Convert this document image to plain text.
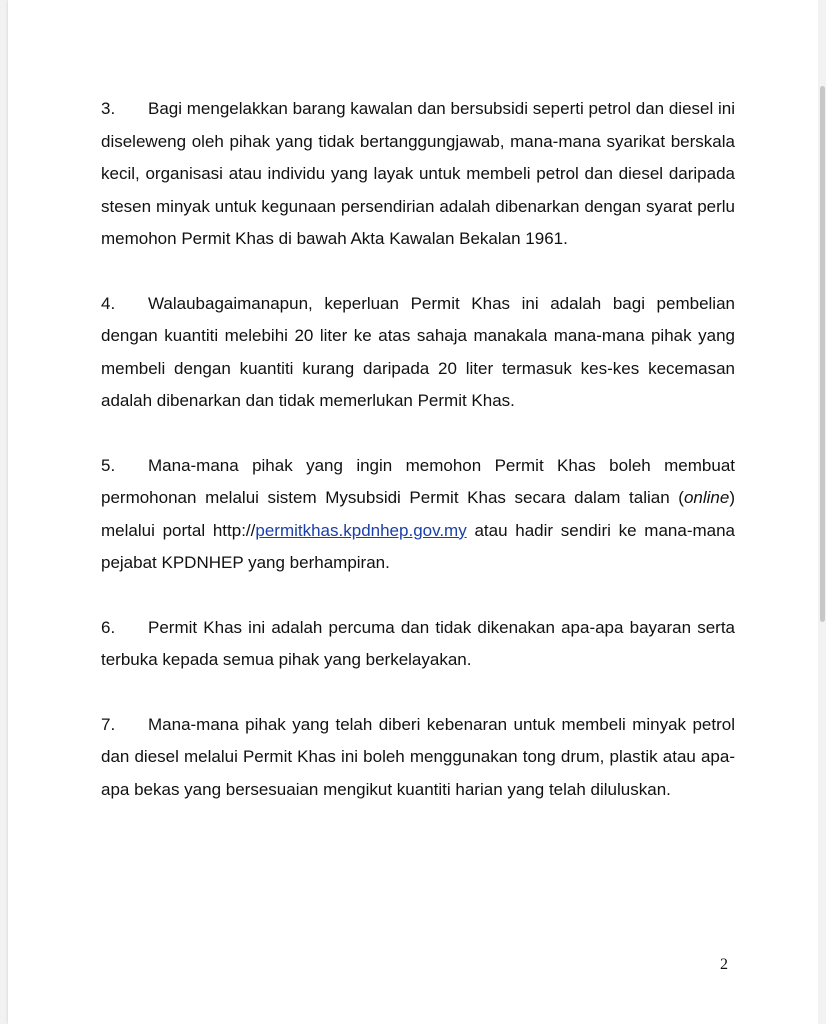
3. Bagi mengelakkan barang kawalan dan bersubsidi seperti petrol dan diesel ini diseleweng oleh pihak yang tidak bertanggungjawab, mana-mana syarikat berskala kecil, organisasi atau individu yang layak untuk membeli petrol dan diesel daripada stesen minyak untuk kegunaan persendirian adalah dibenarkan dengan syarat perlu memohon Permit Khas di bawah Akta Kawalan Bekalan 1961.

4. Walaubagaimanapun, keperluan Permit Khas ini adalah bagi pembelian dengan kuantiti melebihi 20 liter ke atas sahaja manakala mana-mana pihak yang membeli dengan kuantiti kurang daripada 20 liter termasuk kes-kes kecemasan adalah dibenarkan dan tidak memerlukan Permit Khas.

5. Mana-mana pihak yang ingin memohon Permit Khas boleh membuat permohonan melalui sistem Mysubsidi Permit Khas secara dalam talian (online) melalui portal http://permitkhas.kpdnhep.gov.my atau hadir sendiri ke mana-mana pejabat KPDNHEP yang berhampiran.

6. Permit Khas ini adalah percuma dan tidak dikenakan apa-apa bayaran serta terbuka kepada semua pihak yang berkelayakan.

7. Mana-mana pihak yang telah diberi kebenaran untuk membeli minyak petrol dan diesel melalui Permit Khas ini boleh menggunakan tong drum, plastik atau apa-apa bekas yang bersesuaian mengikut kuantiti harian yang telah diluluskan.

2
